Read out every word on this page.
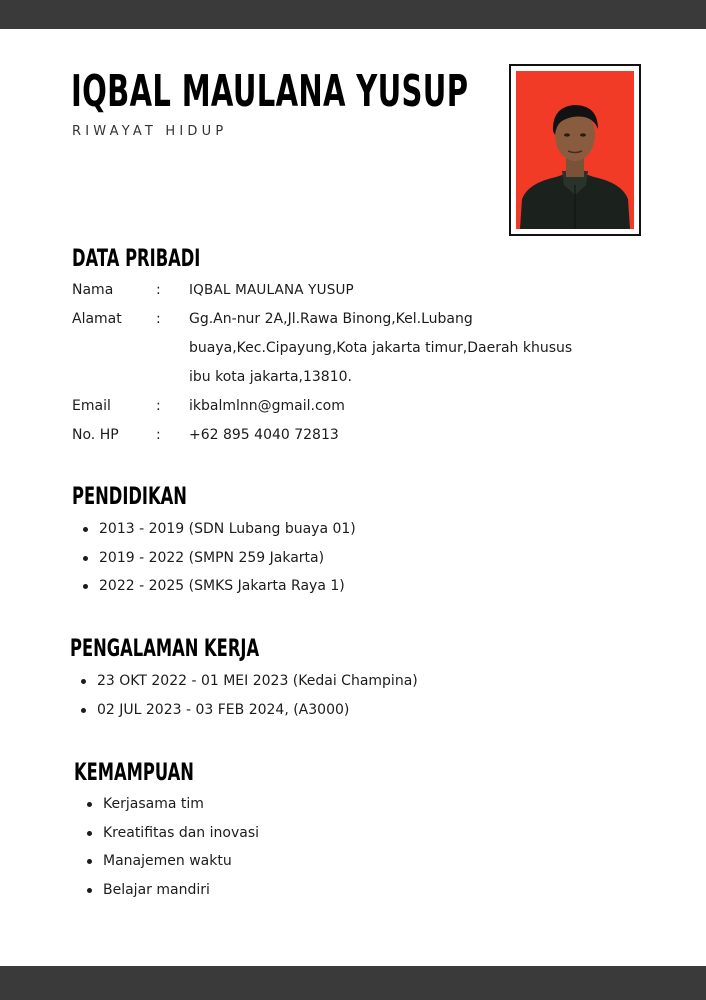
IQBAL MAULANA YUSUP
RIWAYAT HIDUP
DATA PRIBADI
Nama	: IQBAL MAULANA YUSUP
Alamat	: Gg.An-nur 2A,Jl.Rawa Binong,Kel.Lubang
buaya,Kec.Cipayung,Kota jakarta timur,Daerah khusus
ibu kota jakarta,13810.
Email	: ikbalmlnn@gmail.com
No. HP	: +62 895 4040 72813
PENDIDIKAN
2013 - 2019 (SDN Lubang buaya 01)
2019 - 2022 (SMPN 259 Jakarta)
2022 - 2025 (SMKS Jakarta Raya 1)
PENGALAMAN KERJA
23 OKT 2022 - 01 MEI 2023 (Kedai Champina)
02 JUL 2023 - 03 FEB 2024, (A3000)
KEMAMPUAN
Kerjasama tim
Kreatifitas dan inovasi
Manajemen waktu
Belajar mandiri
